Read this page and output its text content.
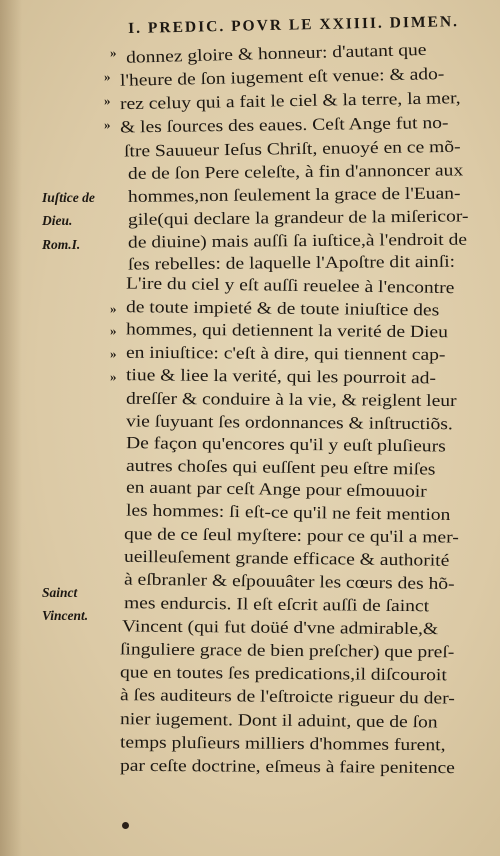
I. PREDIC. POVR LE XXIIII. DIMEN.
donnez gloire & honneur: d'autant que
»
l'heure de ſon iugement eſt venue: & ado-
»
rez celuy qui a fait le ciel & la terre, la mer,
»
& les ſources des eaues. Ceſt Ange fut no-
»
ſtre Sauueur Ieſus Chriſt, enuoyé en ce mõ-
de de ſon Pere celeſte, à fin d'annoncer aux
hommes,non ſeulement la grace de l'Euan-
gile(qui declare la grandeur de la miſericor-
de diuine) mais auſſi ſa iuſtice,à l'endroit de
ſes rebelles: de laquelle l'Apoſtre dit ainſi:
L'ire du ciel y eſt auſſi reuelee à l'encontre
de toute impieté & de toute iniuſtice des
»
hommes, qui detiennent la verité de Dieu
»
en iniuſtice: c'eſt à dire, qui tiennent cap-
»
tiue & liee la verité, qui les pourroit ad-
»
dreſſer & conduire à la vie, & reiglent leur
vie ſuyuant ſes ordonnances & inſtructiõs.
De façon qu'encores qu'il y euſt pluſieurs
autres choſes qui euſſent peu eſtre miſes
en auant par ceſt Ange pour eſmouuoir
les hommes: ſi eſt-ce qu'il ne feit mention
que de ce ſeul myſtere: pour ce qu'il a mer-
ueilleuſement grande efficace & authorité
à eſbranler & eſpouuâter les cœurs des hõ-
mes endurcis. Il eſt eſcrit auſſi de ſainct
Vincent (qui fut doüé d'vne admirable,&
ſinguliere grace de bien preſcher) que preſ-
que en toutes ſes predications,il diſcouroit
à ſes auditeurs de l'eſtroicte rigueur du der-
nier iugement. Dont il aduint, que de ſon
temps pluſieurs milliers d'hommes furent,
par ceſte doctrine, eſmeus à faire penitence
Iuſtice de
Dieu.
Rom.I.
Sainct
Vincent.
